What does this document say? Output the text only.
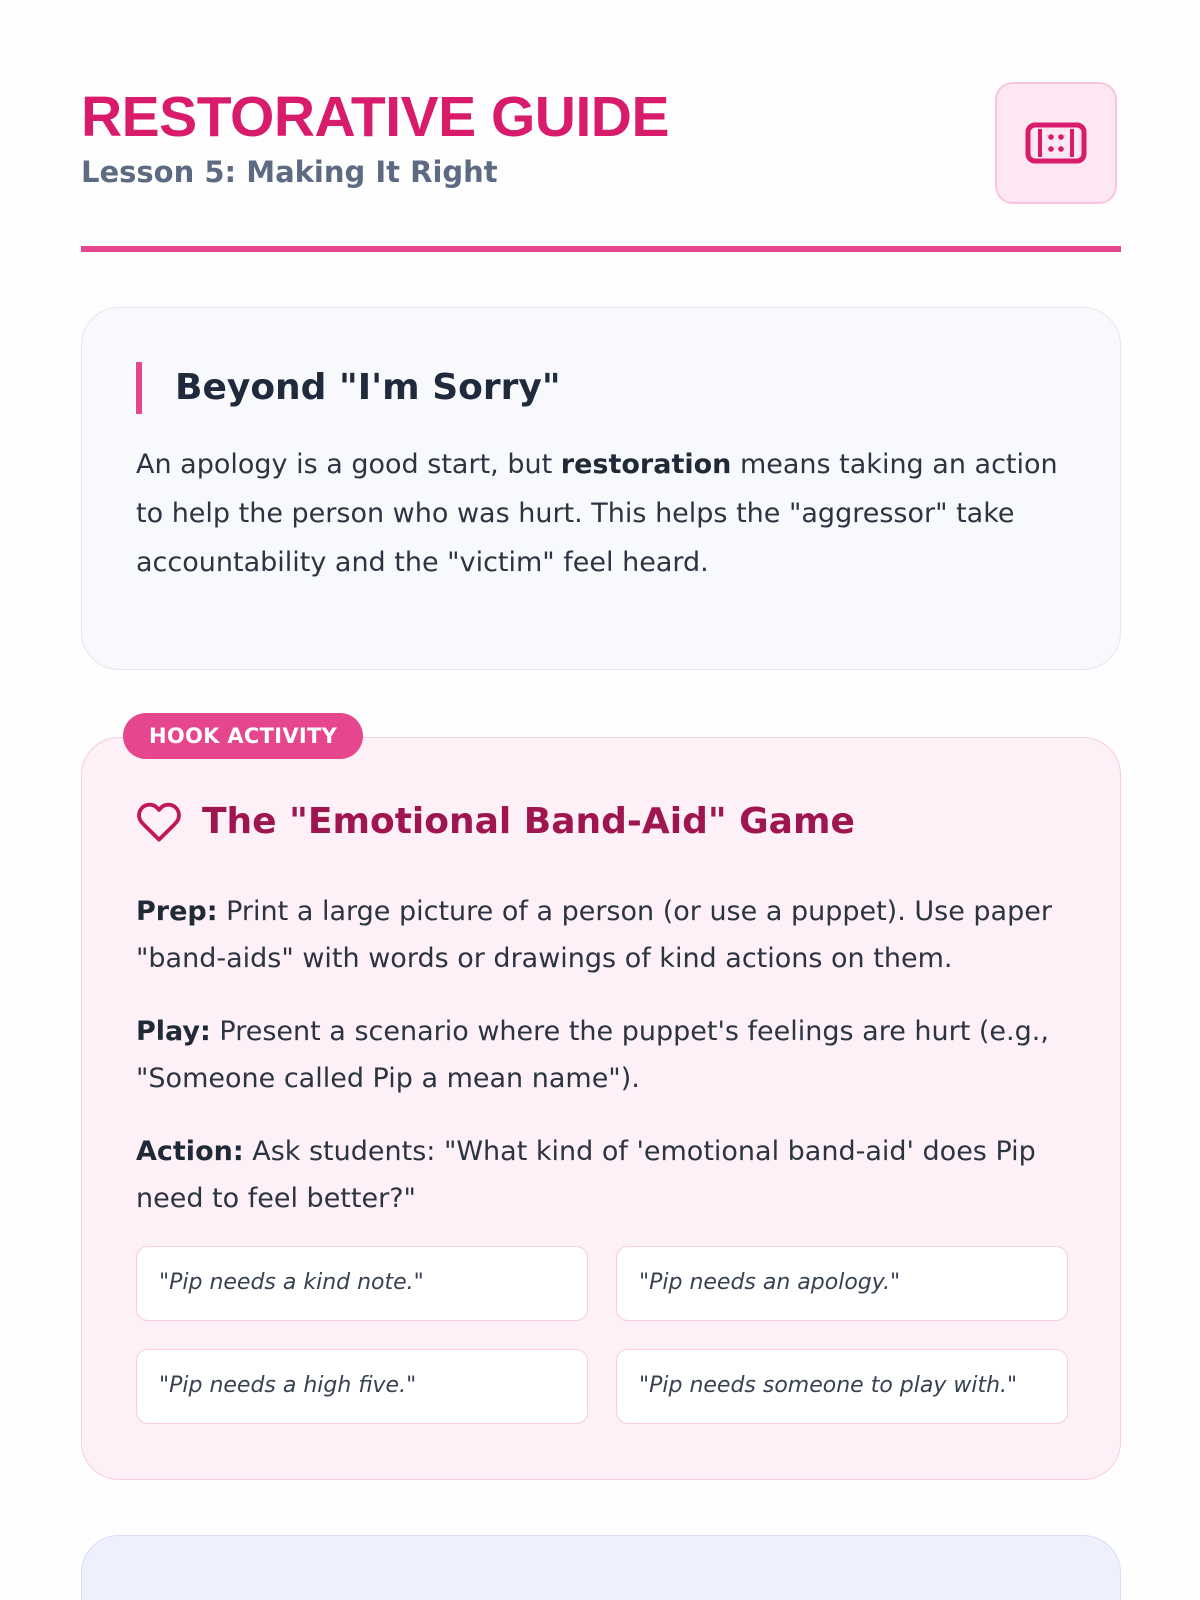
RESTORATIVE GUIDE
Lesson 5: Making It Right
Beyond "I'm Sorry"

An apology is a good start, but restoration means taking an action to help the person who was hurt. This helps the "aggressor" take accountability and the "victim" feel heard.

The "Emotional Band-Aid" Game

Prep: Print a large picture of a person (or use a puppet). Use paper "band-aids" with words or drawings of kind actions on them.

Play: Present a scenario where the puppet's feelings are hurt (e.g., "Someone called Pip a mean name").

Action: Ask students: "What kind of 'emotional band-aid' does Pip need to feel better?"

"Pip needs a kind note."	"Pip needs an apology."
"Pip needs a high five."	"Pip needs someone to play with."
HOOK ACTIVITY
